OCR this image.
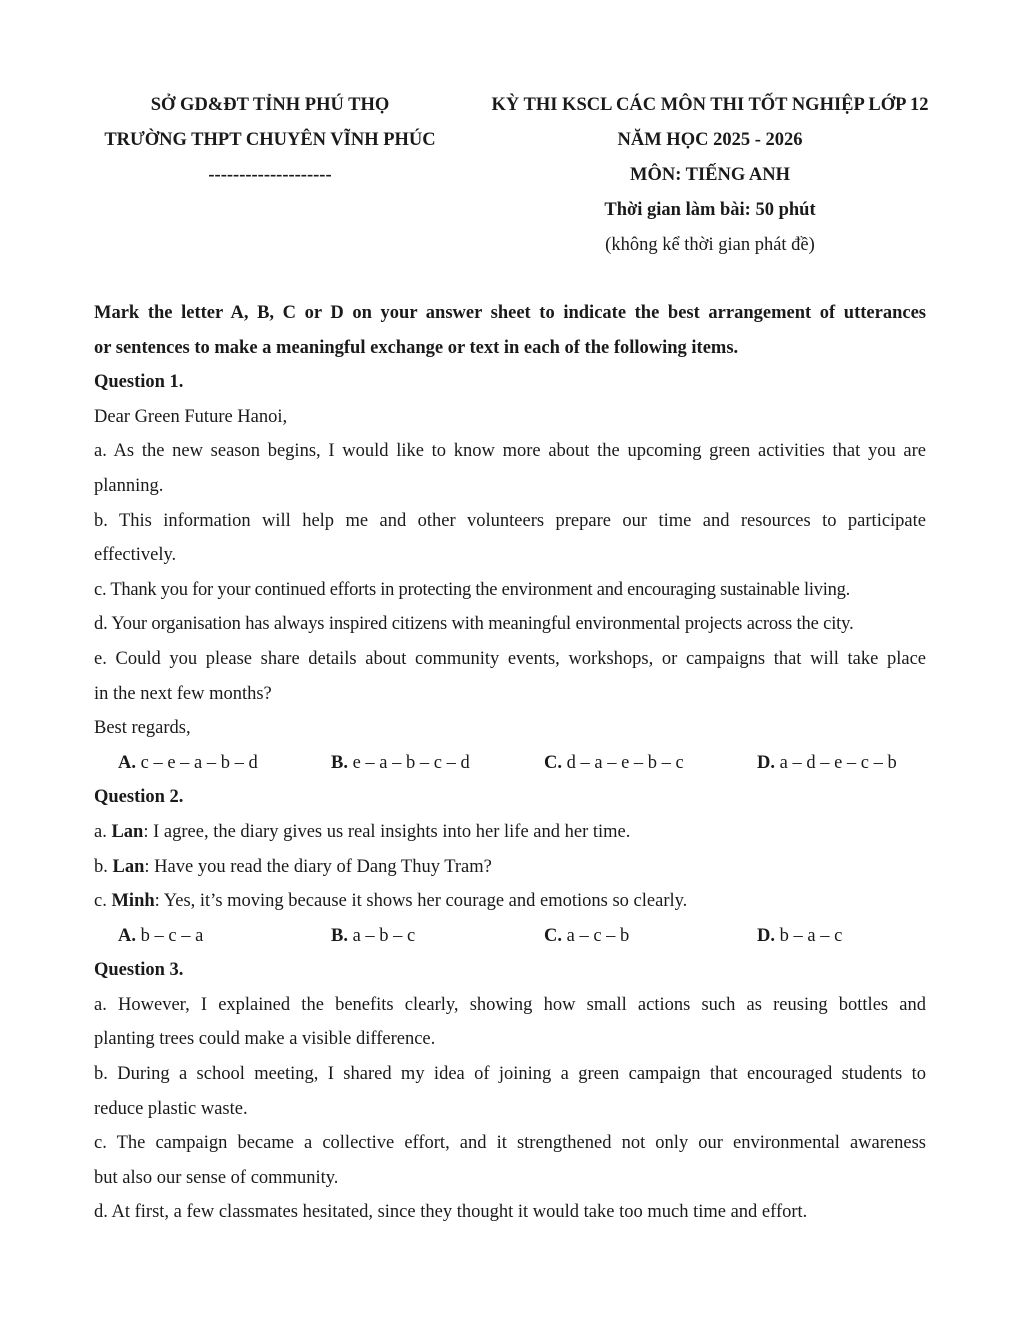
SỞ GD&ĐT TỈNH PHÚ THỌ
TRƯỜNG THPT CHUYÊN VĨNH PHÚC
--------------------
KỲ THI KSCL CÁC MÔN THI TỐT NGHIỆP LỚP 12
NĂM HỌC 2025 - 2026
MÔN: TIẾNG ANH
Thời gian làm bài: 50 phút
(không kể thời gian phát đề)
Mark the letter A, B, C or D on your answer sheet to indicate the best arrangement of utterances
or sentences to make a meaningful exchange or text in each of the following items.
Question 1.
Dear Green Future Hanoi,
a. As the new season begins, I would like to know more about the upcoming green activities that you are
planning.
b. This information will help me and other volunteers prepare our time and resources to participate
effectively.
c. Thank you for your continued efforts in protecting the environment and encouraging sustainable living.
d. Your organisation has always inspired citizens with meaningful environmental projects across the city.
e. Could you please share details about community events, workshops, or campaigns that will take place
in the next few months?
Best regards,
A. c – e – a – b – d	B. e – a – b – c – d	C. d – a – e – b – c	D. a – d – e – c – b
Question 2.
a. Lan: I agree, the diary gives us real insights into her life and her time.
b. Lan: Have you read the diary of Dang Thuy Tram?
c. Minh: Yes, it’s moving because it shows her courage and emotions so clearly.
A. b – c – a	B. a – b – c	C. a – c – b	D. b – a – c
Question 3.
a. However, I explained the benefits clearly, showing how small actions such as reusing bottles and
planting trees could make a visible difference.
b. During a school meeting, I shared my idea of joining a green campaign that encouraged students to
reduce plastic waste.
c. The campaign became a collective effort, and it strengthened not only our environmental awareness
but also our sense of community.
d. At first, a few classmates hesitated, since they thought it would take too much time and effort.
